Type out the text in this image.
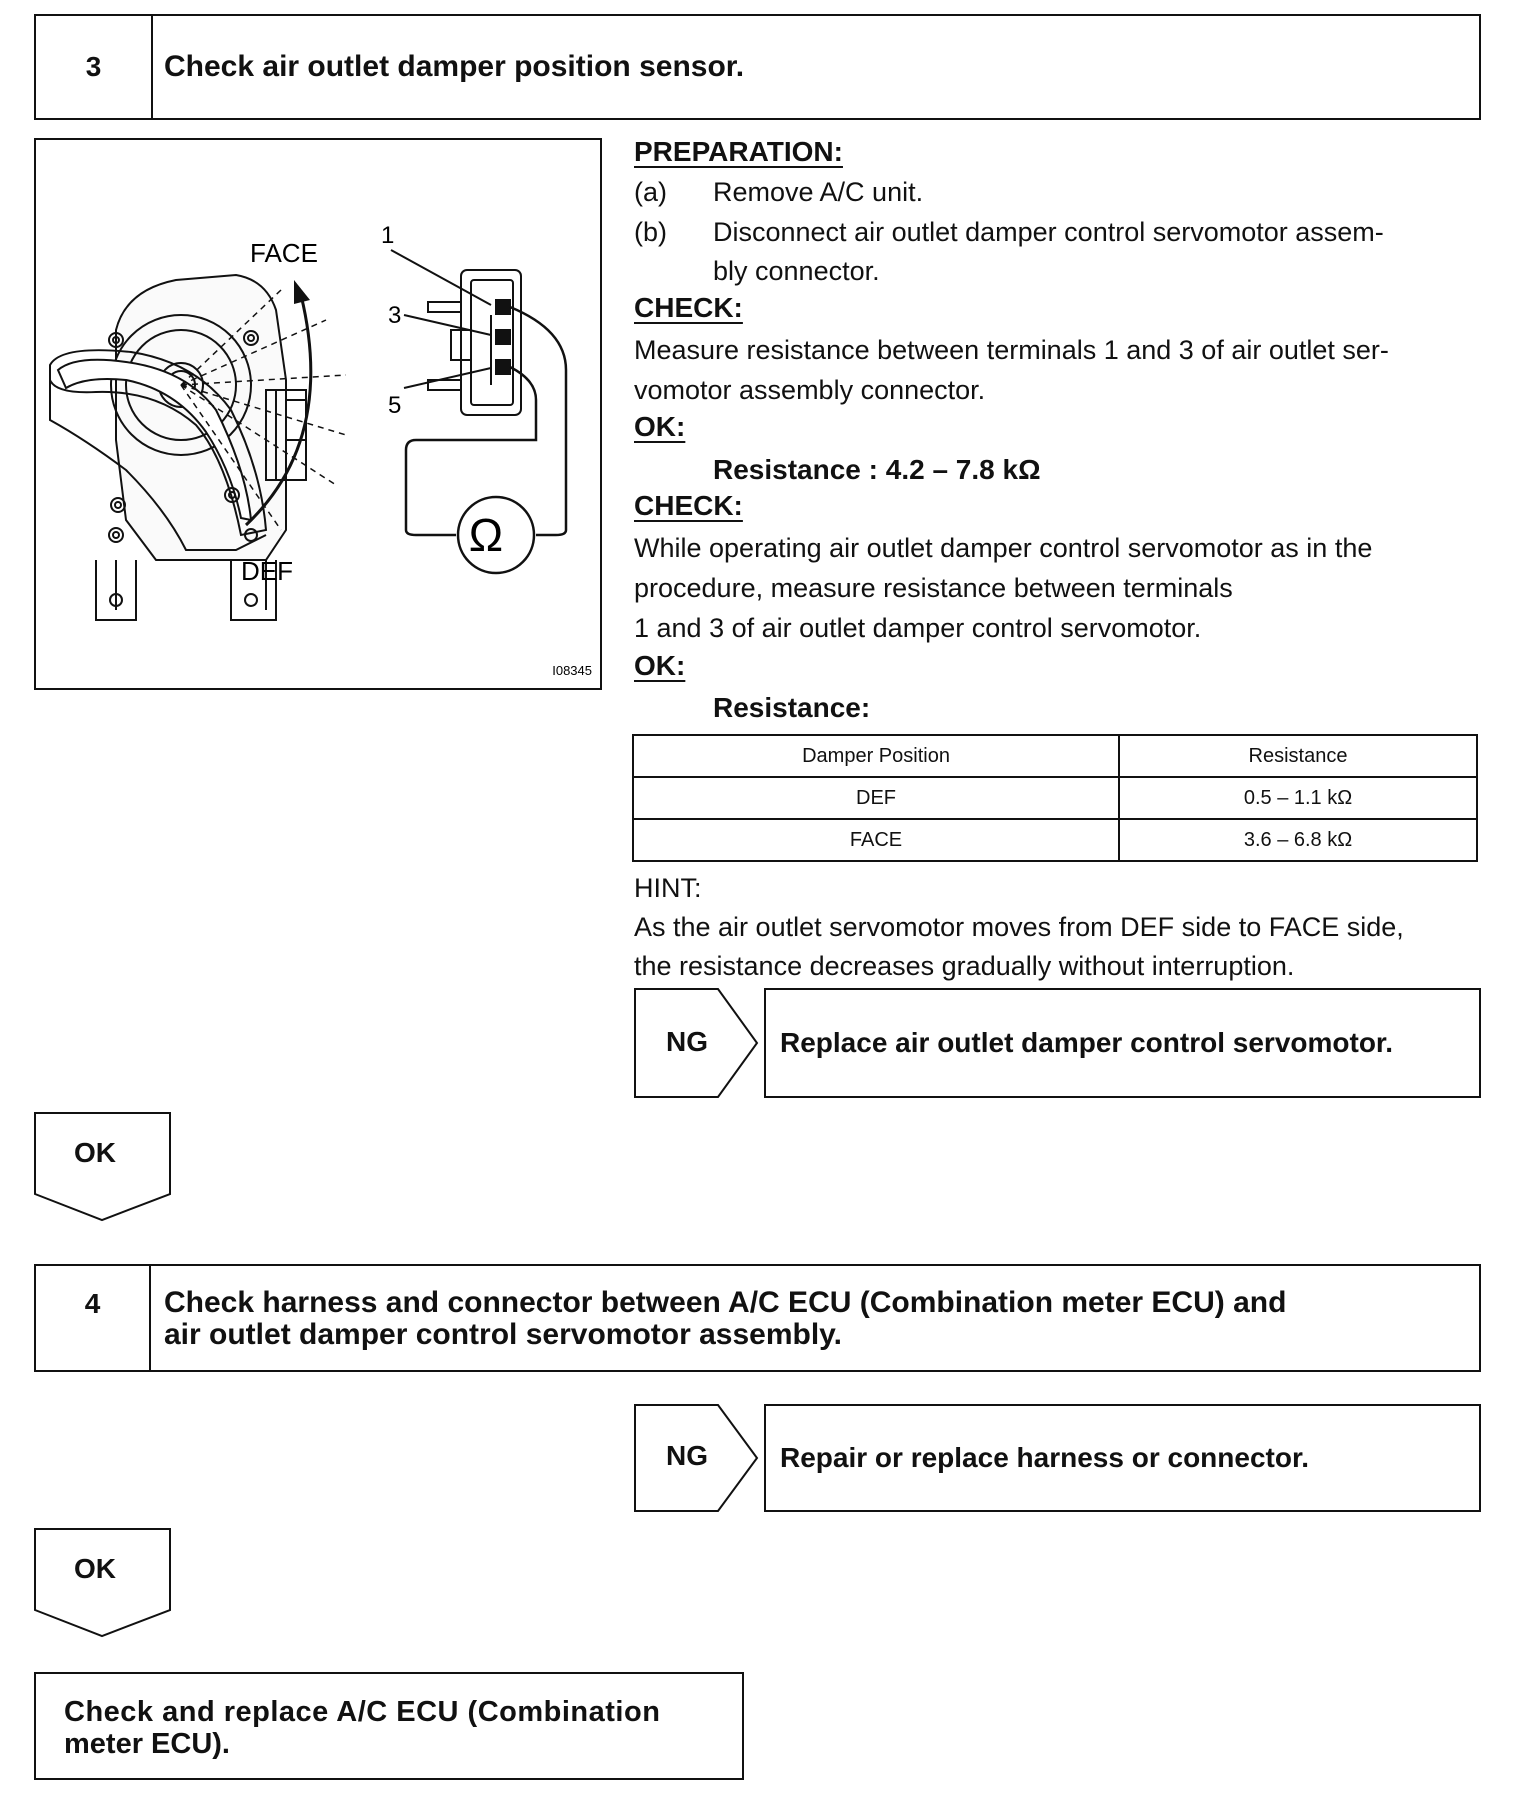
3	Check air outlet damper position sensor.
FACE
DEF
Ω
1
3
5
I08345
PREPARATION:
(a) Remove A/C unit.
(b) Disconnect air outlet damper control servomotor assem-
bly connector.
CHECK:
Measure resistance between terminals 1 and 3 of air outlet ser-
vomotor assembly connector.
OK:
Resistance : 4.2 – 7.8 kΩ
CHECK:
While operating air outlet damper control servomotor as in the
procedure, measure resistance between terminals
1 and 3 of air outlet damper control servomotor.
OK:
Resistance:
Damper Position	Resistance
DEF	0.5 – 1.1 kΩ
FACE	3.6 – 6.8 kΩ
HINT:
As the air outlet servomotor moves from DEF side to FACE side,
the resistance decreases gradually without interruption.
NG	Replace air outlet damper control servomotor.
OK
4	Check harness and connector between A/C ECU (Combination meter ECU) and
air outlet damper control servomotor assembly.
NG	Repair or replace harness or connector.
OK
Check and replace A/C ECU (Combination
meter ECU).
